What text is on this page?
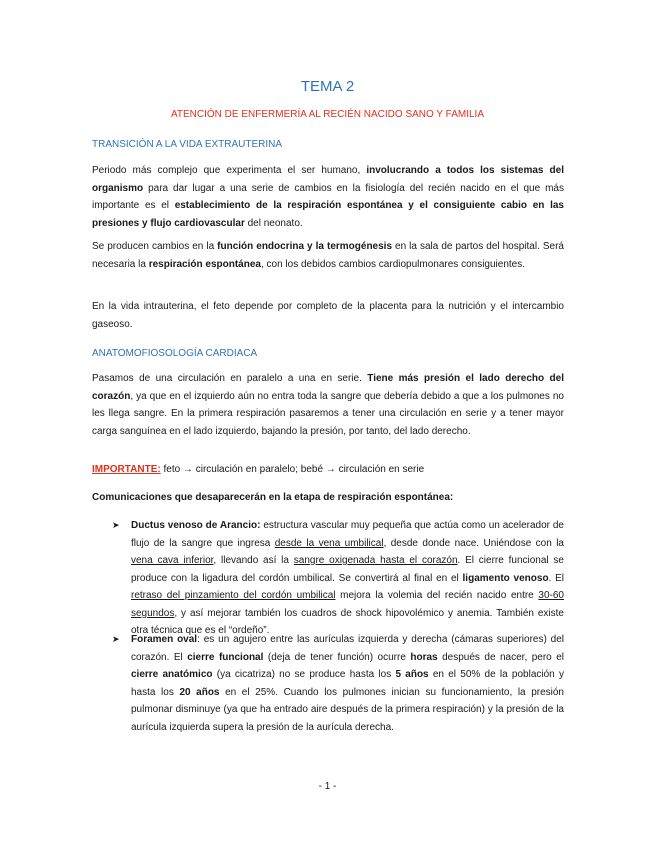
TEMA 2
ATENCIÓN DE ENFERMERÍA AL RECIÉN NACIDO SANO Y FAMILIA
TRANSICIÓN A LA VIDA EXTRAUTERINA
Periodo más complejo que experimenta el ser humano, involucrando a todos los sistemas del organismo para dar lugar a una serie de cambios en la fisiología del recién nacido en el que más importante es el establecimiento de la respiración espontánea y el consiguiente cabio en las presiones y flujo cardiovascular del neonato.
Se producen cambios en la función endocrina y la termogénesis en la sala de partos del hospital. Será necesaria la respiración espontánea, con los debidos cambios cardiopulmonares consiguientes.
En la vida intrauterina, el feto depende por completo de la placenta para la nutrición y el intercambio gaseoso.
ANATOMOFIOSOLOGÍA CARDIACA
Pasamos de una circulación en paralelo a una en serie. Tiene más presión el lado derecho del corazón, ya que en el izquierdo aún no entra toda la sangre que debería debido a que a los pulmones no les llega sangre. En la primera respiración pasaremos a tener una circulación en serie y a tener mayor carga sanguínea en el lado izquierdo, bajando la presión, por tanto, del lado derecho.
IMPORTANTE: feto → circulación en paralelo; bebé → circulación en serie
Comunicaciones que desaparecerán en la etapa de respiración espontánea:
➤ Ductus venoso de Arancio: estructura vascular muy pequeña que actúa como un acelerador de flujo de la sangre que ingresa desde la vena umbilical, desde donde nace. Uniéndose con la vena cava inferior, llevando así la sangre oxigenada hasta el corazón. El cierre funcional se produce con la ligadura del cordón umbilical. Se convertirá al final en el ligamento venoso. El retraso del pinzamiento del cordón umbilical mejora la volemia del recién nacido entre 30-60 segundos, y así mejorar también los cuadros de shock hipovolémico y anemia. También existe otra técnica que es el “ordeño”.
➤ Foramen oval: es un agujero entre las aurículas izquierda y derecha (cámaras superiores) del corazón. El cierre funcional (deja de tener función) ocurre horas después de nacer, pero el cierre anatómico (ya cicatriza) no se produce hasta los 5 años en el 50% de la población y hasta los 20 años en el 25%. Cuando los pulmones inician su funcionamiento, la presión pulmonar disminuye (ya que ha entrado aire después de la primera respiración) y la presión de la aurícula izquierda supera la presión de la aurícula derecha.
- 1 -
